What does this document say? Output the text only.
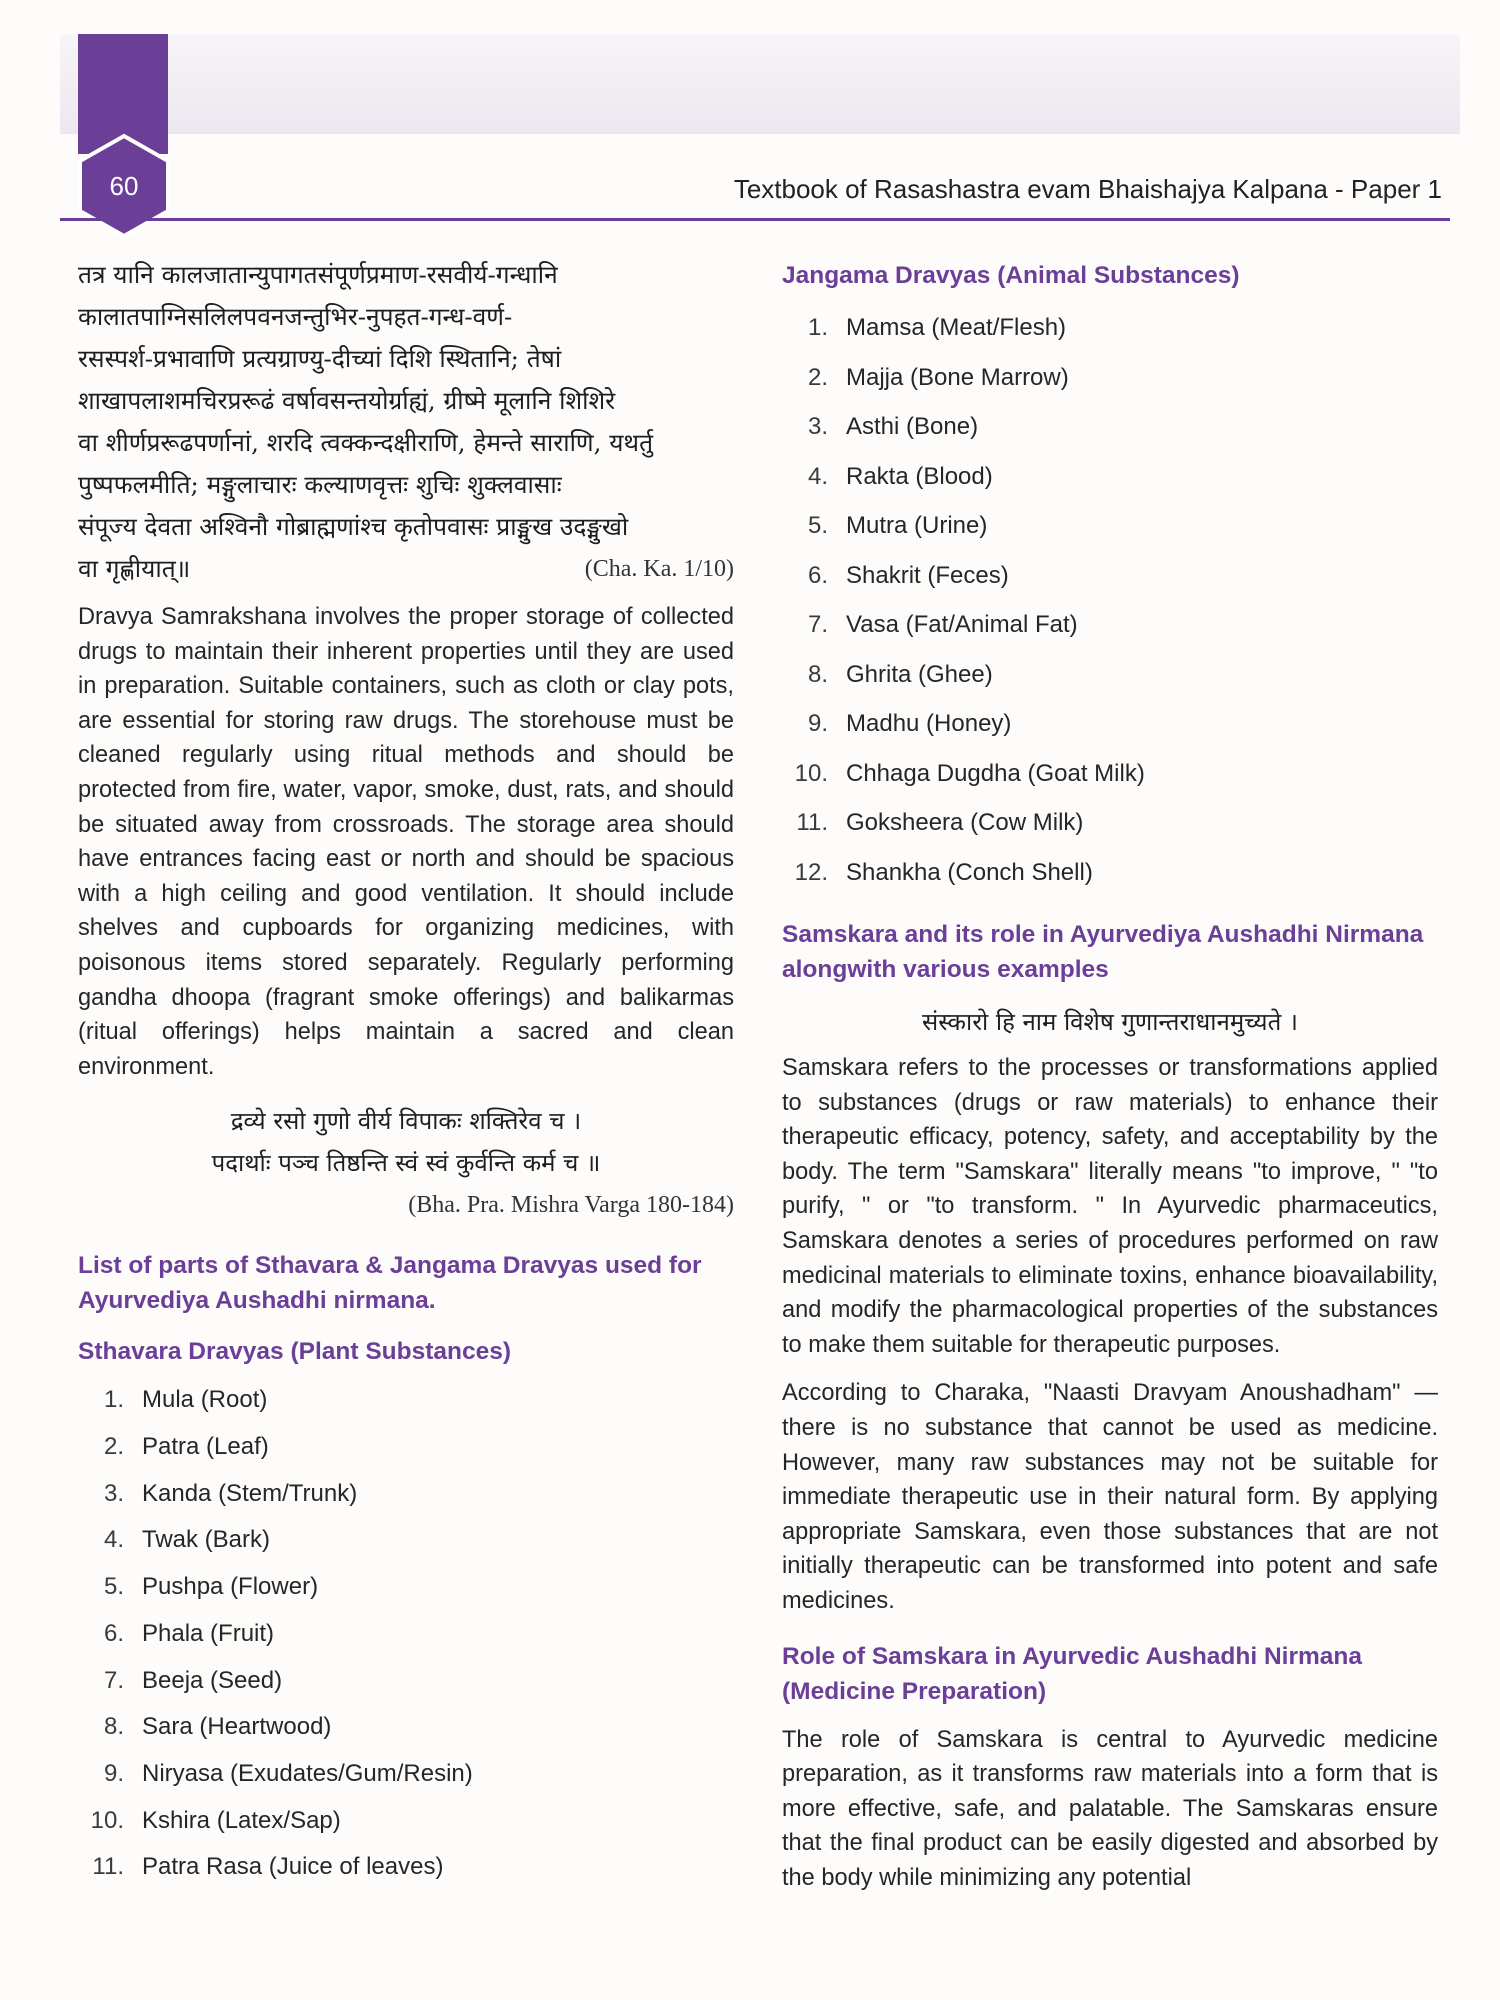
60	Textbook of Rasashastra evam Bhaishajya Kalpana - Paper 1

तत्र यानि कालजातान्युपागतसंपूर्णप्रमाण-रसवीर्य-गन्धानि

कालातपाग्निसलिलपवनजन्तुभिर-नुपहत-गन्ध-वर्ण-

रसस्पर्श-प्रभावाणि प्रत्यग्राण्यु-दीच्यां दिशि स्थितानि; तेषां

शाखापलाशमचिरप्ररूढं वर्षावसन्तयोर्ग्राह्यं, ग्रीष्मे मूलानि शिशिरे

वा शीर्णप्ररूढपर्णानां, शरदि त्वक्कन्दक्षीराणि, हेमन्ते साराणि, यथर्तु

पुष्पफलमीति; मङ्गुलाचारः कल्याणवृत्तः शुचिः शुक्लवासाः

संपूज्य देवता अश्विनौ गोब्राह्मणांश्च कृतोपवासः प्राङ्मुख उदङ्मुखो

वा गृह्णीयात्॥	(Cha. Ka. 1/10)

Dravya Samrakshana involves the proper storage of collected drugs to maintain their inherent properties until they are used in preparation. Suitable containers, such as cloth or clay pots, are essential for storing raw drugs. The storehouse must be cleaned regularly using ritual methods and should be protected from fire, water, vapor, smoke, dust, rats, and should be situated away from crossroads. The storage area should have entrances facing east or north and should be spacious with a high ceiling and good ventilation. It should include shelves and cupboards for organizing medicines, with poisonous items stored separately. Regularly performing gandha dhoopa (fragrant smoke offerings) and balikarmas (ritual offerings) helps maintain a sacred and clean environment.

द्रव्ये रसो गुणो वीर्य विपाकः शक्तिरेव च ।

पदार्थाः पञ्च तिष्ठन्ति स्वं स्वं कुर्वन्ति कर्म च ॥

(Bha. Pra. Mishra Varga 180-184)

List of parts of Sthavara & Jangama Dravyas used for Ayurvediya Aushadhi nirmana.

Sthavara Dravyas (Plant Substances)

1. Mula (Root)
2. Patra (Leaf)
3. Kanda (Stem/Trunk)
4. Twak (Bark)
5. Pushpa (Flower)
6. Phala (Fruit)
7. Beeja (Seed)
8. Sara (Heartwood)
9. Niryasa (Exudates/Gum/Resin)
10. Kshira (Latex/Sap)
11. Patra Rasa (Juice of leaves)

Jangama Dravyas (Animal Substances)

1. Mamsa (Meat/Flesh)
2. Majja (Bone Marrow)
3. Asthi (Bone)
4. Rakta (Blood)
5. Mutra (Urine)
6. Shakrit (Feces)
7. Vasa (Fat/Animal Fat)
8. Ghrita (Ghee)
9. Madhu (Honey)
10. Chhaga Dugdha (Goat Milk)
11. Goksheera (Cow Milk)
12. Shankha (Conch Shell)

Samskara and its role in Ayurvediya Aushadhi Nirmana alongwith various examples

संस्कारो हि नाम विशेष गुणान्तराधानमुच्यते ।

Samskara refers to the processes or transformations applied to substances (drugs or raw materials) to enhance their therapeutic efficacy, potency, safety, and acceptability by the body. The term "Samskara" literally means "to improve, " "to purify, " or "to transform. " In Ayurvedic pharmaceutics, Samskara denotes a series of procedures performed on raw medicinal materials to eliminate toxins, enhance bioavailability, and modify the pharmacological properties of the substances to make them suitable for therapeutic purposes.

According to Charaka, "Naasti Dravyam Anoushadham" —there is no substance that cannot be used as medicine. However, many raw substances may not be suitable for immediate therapeutic use in their natural form. By applying appropriate Samskara, even those substances that are not initially therapeutic can be transformed into potent and safe medicines.

Role of Samskara in Ayurvedic Aushadhi Nirmana (Medicine Preparation)

The role of Samskara is central to Ayurvedic medicine preparation, as it transforms raw materials into a form that is more effective, safe, and palatable. The Samskaras ensure that the final product can be easily digested and absorbed by the body while minimizing any potential
